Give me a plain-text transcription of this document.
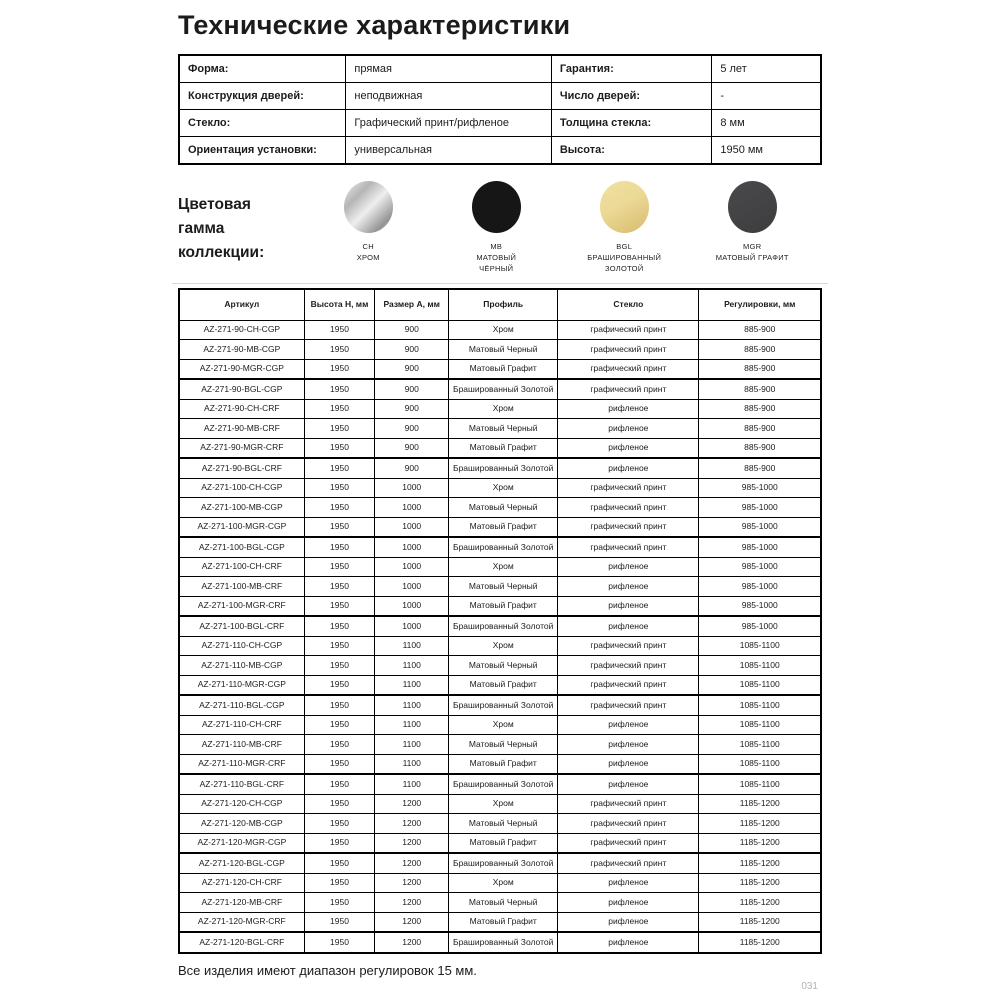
Технические характеристики
Форма:	прямая	Гарантия:	5 лет
Конструкция дверей:	неподвижная	Число дверей:	-
Стекло:	Графический принт/рифленое	Толщина стекла:	8 мм
Ориентация установки:	универсальная	Высота:	1950 мм
Цветовая гамма коллекции:	CH
ХРОМ
MB
МАТОВЫЙ ЧЁРНЫЙ
BGL
БРАШИРОВАННЫЙ ЗОЛОТОЙ
MGR
МАТОВЫЙ ГРАФИТ
Артикул	Высота H, мм	Размер A, мм	Профиль	Стекло	Регулировки, мм
AZ-271-90-CH-CGP	1950	900	Хром	графический принт	885-900
AZ-271-90-MB-CGP	1950	900	Матовый Черный	графический принт	885-900
AZ-271-90-MGR-CGP	1950	900	Матовый Графит	графический принт	885-900
AZ-271-90-BGL-CGP	1950	900	Брашированный Золотой	графический принт	885-900
AZ-271-90-CH-CRF	1950	900	Хром	рифленое	885-900
AZ-271-90-MB-CRF	1950	900	Матовый Черный	рифленое	885-900
AZ-271-90-MGR-CRF	1950	900	Матовый Графит	рифленое	885-900
AZ-271-90-BGL-CRF	1950	900	Брашированный Золотой	рифленое	885-900
AZ-271-100-CH-CGP	1950	1000	Хром	графический принт	985-1000
AZ-271-100-MB-CGP	1950	1000	Матовый Черный	графический принт	985-1000
AZ-271-100-MGR-CGP	1950	1000	Матовый Графит	графический принт	985-1000
AZ-271-100-BGL-CGP	1950	1000	Брашированный Золотой	графический принт	985-1000
AZ-271-100-CH-CRF	1950	1000	Хром	рифленое	985-1000
AZ-271-100-MB-CRF	1950	1000	Матовый Черный	рифленое	985-1000
AZ-271-100-MGR-CRF	1950	1000	Матовый Графит	рифленое	985-1000
AZ-271-100-BGL-CRF	1950	1000	Брашированный Золотой	рифленое	985-1000
AZ-271-110-CH-CGP	1950	1100	Хром	графический принт	1085-1100
AZ-271-110-MB-CGP	1950	1100	Матовый Черный	графический принт	1085-1100
AZ-271-110-MGR-CGP	1950	1100	Матовый Графит	графический принт	1085-1100
AZ-271-110-BGL-CGP	1950	1100	Брашированный Золотой	графический принт	1085-1100
AZ-271-110-CH-CRF	1950	1100	Хром	рифленое	1085-1100
AZ-271-110-MB-CRF	1950	1100	Матовый Черный	рифленое	1085-1100
AZ-271-110-MGR-CRF	1950	1100	Матовый Графит	рифленое	1085-1100
AZ-271-110-BGL-CRF	1950	1100	Брашированный Золотой	рифленое	1085-1100
AZ-271-120-CH-CGP	1950	1200	Хром	графический принт	1185-1200
AZ-271-120-MB-CGP	1950	1200	Матовый Черный	графический принт	1185-1200
AZ-271-120-MGR-CGP	1950	1200	Матовый Графит	графический принт	1185-1200
AZ-271-120-BGL-CGP	1950	1200	Брашированный Золотой	графический принт	1185-1200
AZ-271-120-CH-CRF	1950	1200	Хром	рифленое	1185-1200
AZ-271-120-MB-CRF	1950	1200	Матовый Черный	рифленое	1185-1200
AZ-271-120-MGR-CRF	1950	1200	Матовый Графит	рифленое	1185-1200
AZ-271-120-BGL-CRF	1950	1200	Брашированный Золотой	рифленое	1185-1200
Все изделия имеют диапазон регулировок 15 мм.
031
